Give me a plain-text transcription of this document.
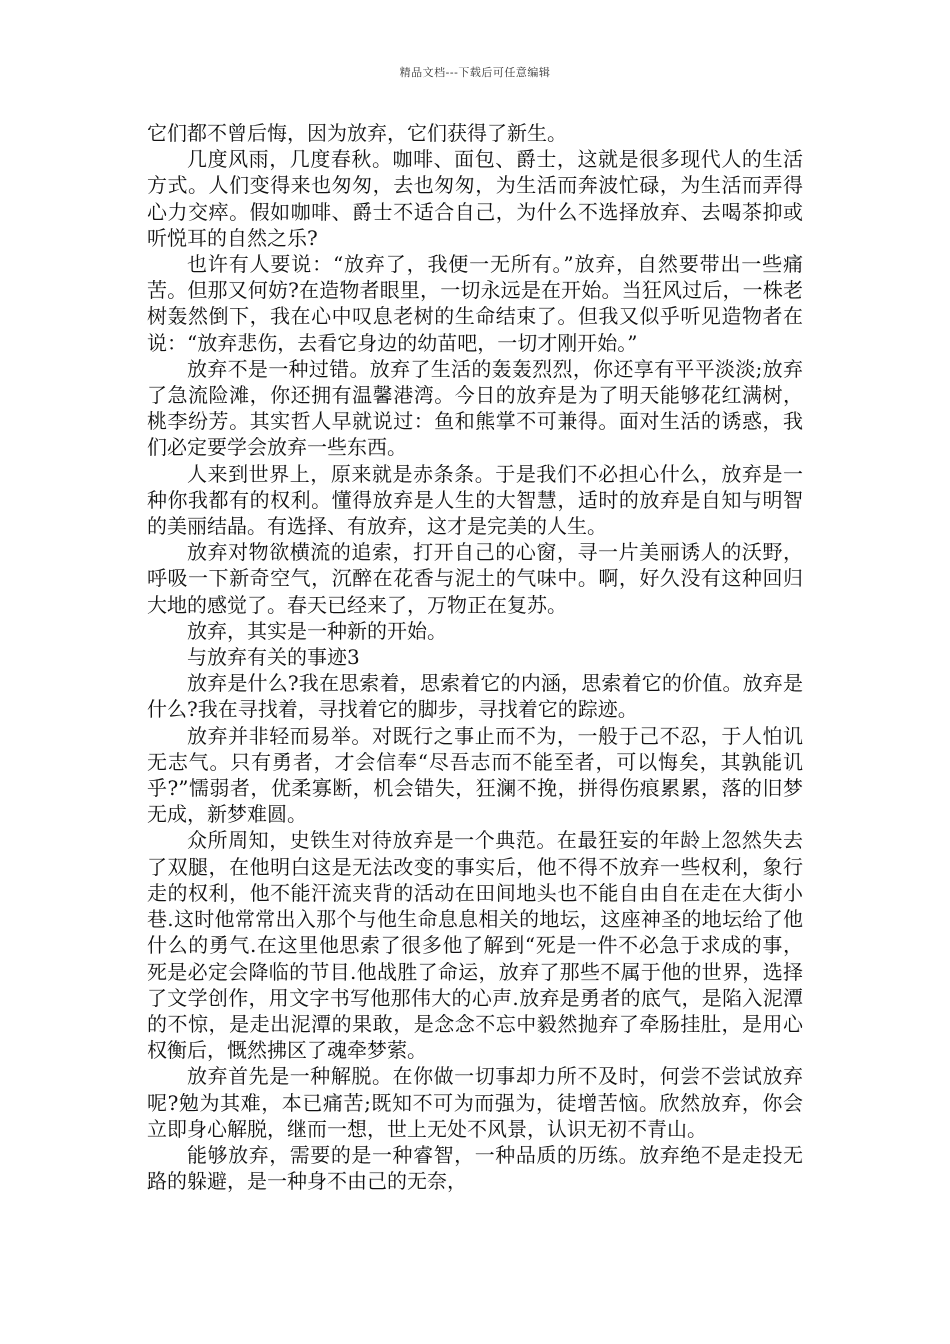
精品文档---下载后可任意编辑

它们都不曾后悔，因为放弃，它们获得了新生。

几度风雨，几度春秋。咖啡、面包、爵士，这就是很多现代人的生活方式。人们变得来也匆匆，去也匆匆，为生活而奔波忙碌，为生活而弄得心力交瘁。假如咖啡、爵士不适合自己，为什么不选择放弃、去喝茶抑或听悦耳的自然之乐?

也许有人要说：“放弃了，我便一无所有。”放弃，自然要带出一些痛苦。但那又何妨?在造物者眼里，一切永远是在开始。当狂风过后，一株老树轰然倒下，我在心中叹息老树的生命结束了。但我又似乎听见造物者在说：“放弃悲伤，去看它身边的幼苗吧，一切才刚开始。”

放弃不是一种过错。放弃了生活的轰轰烈烈，你还享有平平淡淡;放弃了急流险滩，你还拥有温馨港湾。今日的放弃是为了明天能够花红满树，桃李纷芳。其实哲人早就说过：鱼和熊掌不可兼得。面对生活的诱惑，我们必定要学会放弃一些东西。

人来到世界上，原来就是赤条条。于是我们不必担心什么，放弃是一种你我都有的权利。懂得放弃是人生的大智慧，适时的放弃是自知与明智的美丽结晶。有选择、有放弃，这才是完美的人生。

放弃对物欲横流的追索，打开自己的心窗，寻一片美丽诱人的沃野，呼吸一下新奇空气，沉醉在花香与泥土的气味中。啊，好久没有这种回归大地的感觉了。春天已经来了，万物正在复苏。

放弃，其实是一种新的开始。

与放弃有关的事迹3

放弃是什么?我在思索着，思索着它的内涵，思索着它的价值。放弃是什么?我在寻找着，寻找着它的脚步，寻找着它的踪迹。

放弃并非轻而易举。对既行之事止而不为，一般于己不忍，于人怕讥无志气。只有勇者，才会信奉“尽吾志而不能至者，可以悔矣，其孰能讥乎?”懦弱者，优柔寡断，机会错失，狂澜不挽，拼得伤痕累累，落的旧梦无成，新梦难圆。

众所周知，史铁生对待放弃是一个典范。在最狂妄的年龄上忽然失去了双腿，在他明白这是无法改变的事实后，他不得不放弃一些权利，象行走的权利，他不能汗流夹背的活动在田间地头也不能自由自在走在大街小巷.这时他常常出入那个与他生命息息相关的地坛，这座神圣的地坛给了他什么的勇气.在这里他思索了很多他了解到“死是一件不必急于求成的事，死是必定会降临的节目.他战胜了命运，放弃了那些不属于他的世界，选择了文学创作，用文字书写他那伟大的心声.放弃是勇者的底气，是陷入泥潭的不惊，是走出泥潭的果敢，是念念不忘中毅然抛弃了牵肠挂肚，是用心权衡后，慨然拂区了魂牵梦萦。

放弃首先是一种解脱。在你做一切事却力所不及时，何尝不尝试放弃呢?勉为其难，本已痛苦;既知不可为而强为，徒增苦恼。欣然放弃，你会立即身心解脱，继而一想，世上无处不风景，认识无初不青山。

能够放弃，需要的是一种睿智，一种品质的历练。放弃绝不是走投无路的躲避，是一种身不由己的无奈，
